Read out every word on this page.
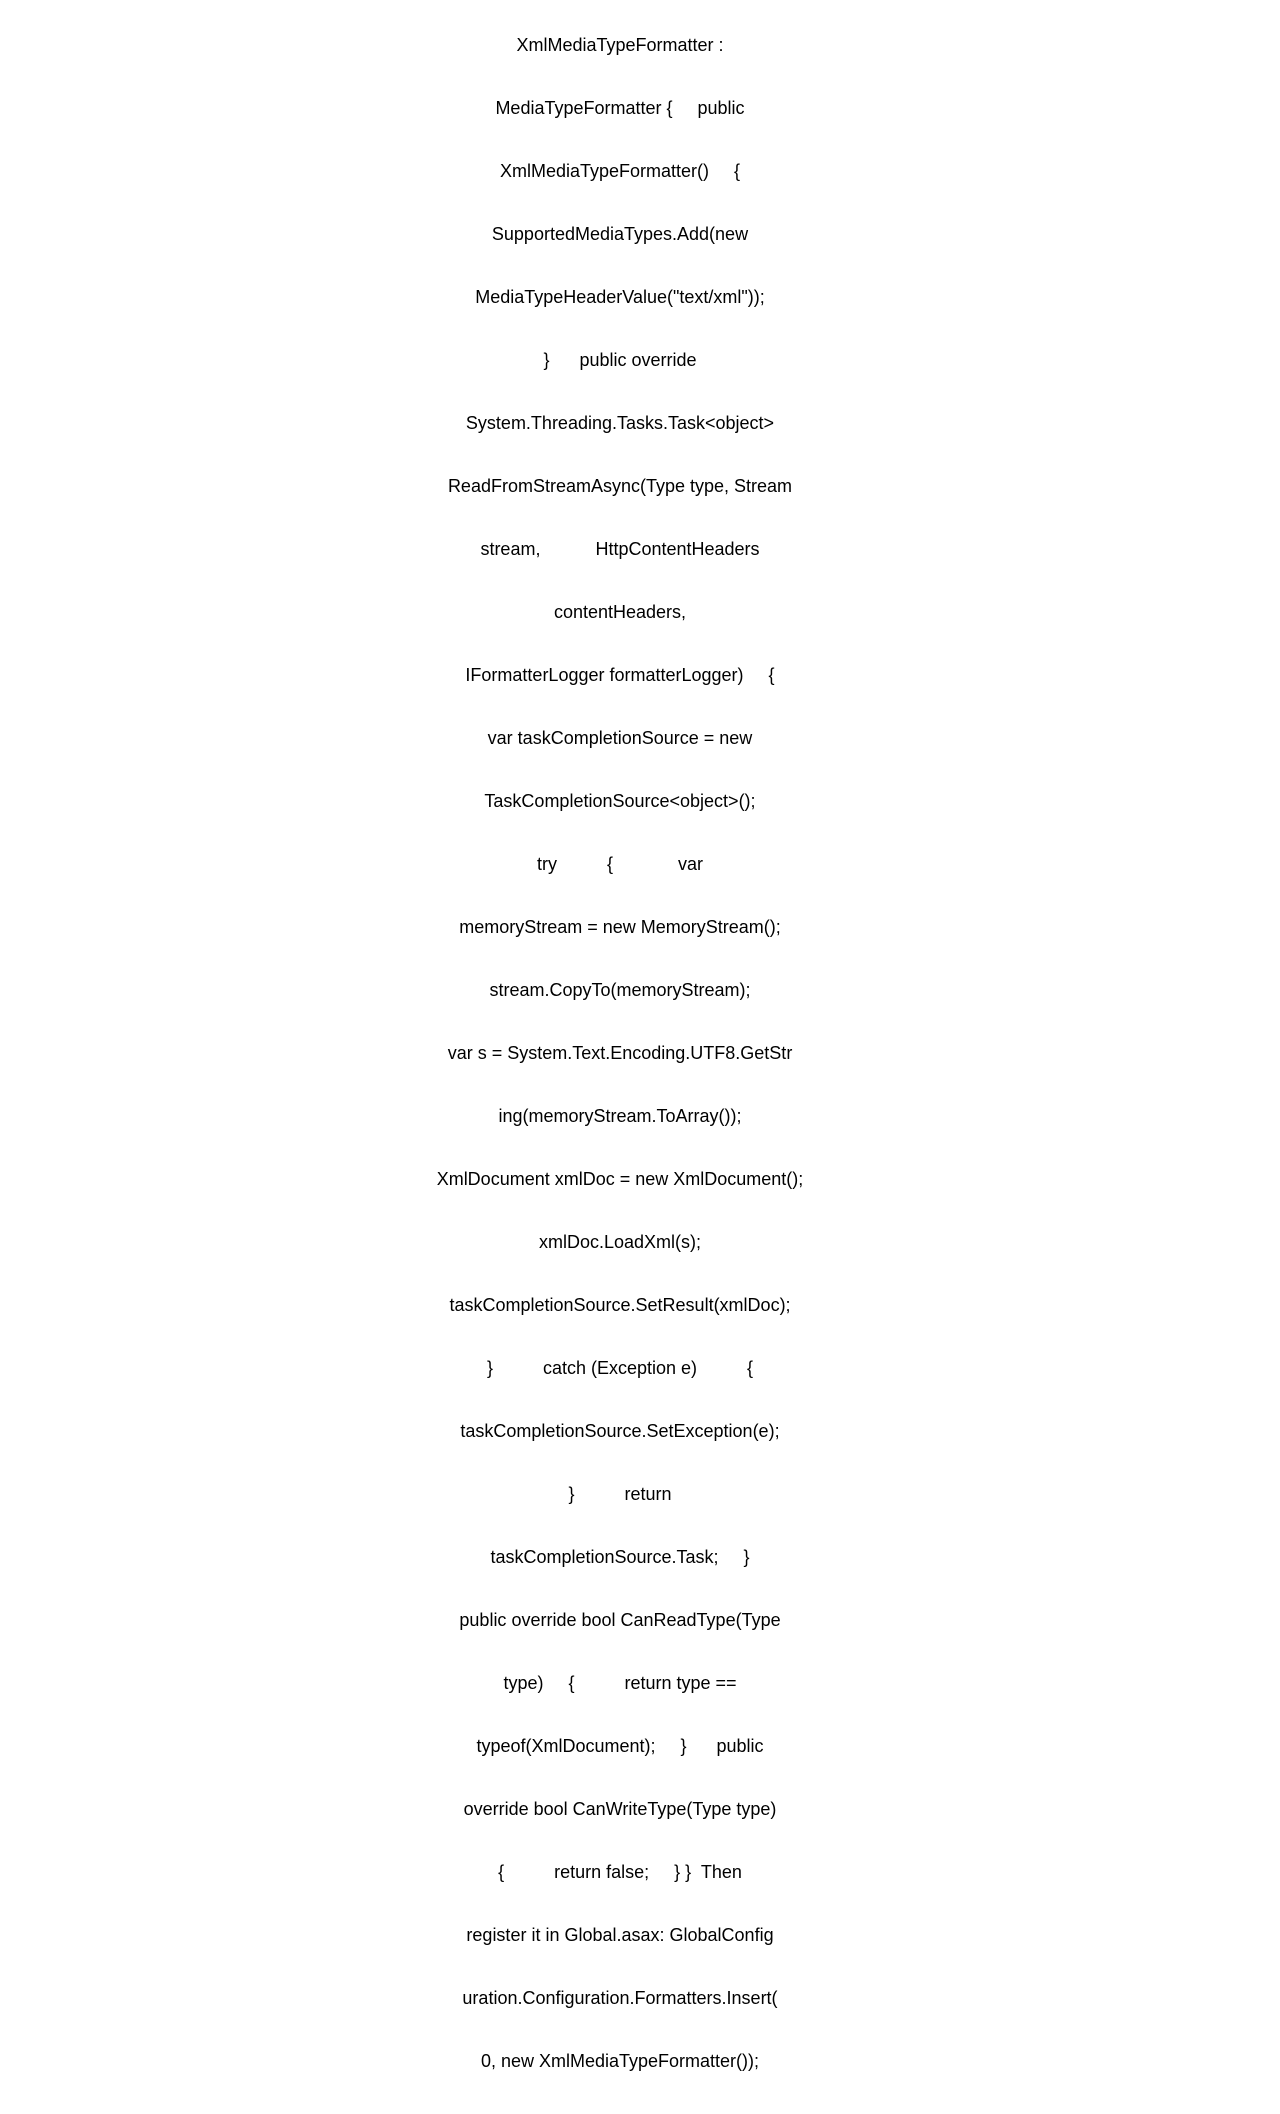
XmlMediaTypeFormatter :

MediaTypeFormatter {     public

XmlMediaTypeFormatter()     {

SupportedMediaTypes.Add(new

MediaTypeHeaderValue("text/xml"));

}      public override

System.Threading.Tasks.Task<object>

ReadFromStreamAsync(Type type, Stream

stream,           HttpContentHeaders

contentHeaders,

IFormatterLogger formatterLogger)     {

var taskCompletionSource = new

TaskCompletionSource<object>();

try          {             var

memoryStream = new MemoryStream();

stream.CopyTo(memoryStream);

var s = System.Text.Encoding.UTF8.GetStr

ing(memoryStream.ToArray());

XmlDocument xmlDoc = new XmlDocument();

xmlDoc.LoadXml(s);

taskCompletionSource.SetResult(xmlDoc);

}          catch (Exception e)          {

taskCompletionSource.SetException(e);

}          return

taskCompletionSource.Task;     }

public override bool CanReadType(Type

type)     {          return type ==

typeof(XmlDocument);     }      public

override bool CanWriteType(Type type)

{          return false;     } }  Then

register it in Global.asax: GlobalConfig

uration.Configuration.Formatters.Insert(

0, new XmlMediaTypeFormatter());
